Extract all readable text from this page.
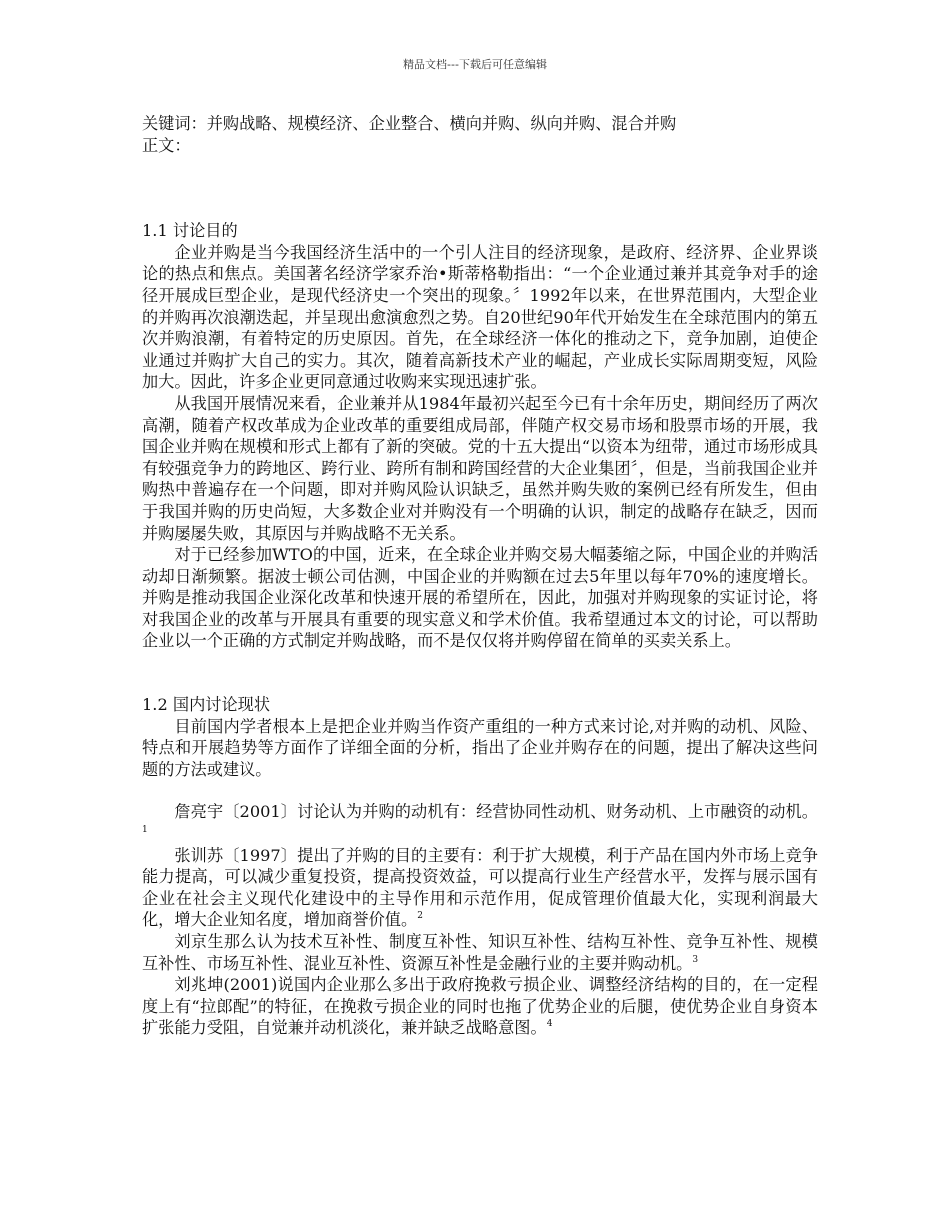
精品文档---下载后可任意编辑
关键词：并购战略、规模经济、企业整合、横向并购、纵向并购、混合并购
正文：
1.1 讨论目的

企业并购是当今我国经济生活中的一个引人注目的经济现象，是政府、经济界、企业界谈论的热点和焦点。美国著名经济学家乔治•斯蒂格勒指出：“一个企业通过兼并其竞争对手的途径开展成巨型企业，是现代经济史一个突出的现象。〞1992年以来，在世界范围内，大型企业的并购再次浪潮迭起，并呈现出愈演愈烈之势。自20世纪90年代开始发生在全球范围内的第五次并购浪潮，有着特定的历史原因。首先，在全球经济一体化的推动之下，竞争加剧，迫使企业通过并购扩大自己的实力。其次，随着高新技术产业的崛起，产业成长实际周期变短，风险加大。因此，许多企业更同意通过收购来实现迅速扩张。

从我国开展情况来看，企业兼并从1984年最初兴起至今已有十余年历史，期间经历了两次高潮，随着产权改革成为企业改革的重要组成局部，伴随产权交易市场和股票市场的开展，我国企业并购在规模和形式上都有了新的突破。党的十五大提出“以资本为纽带，通过市场形成具有较强竞争力的跨地区、跨行业、跨所有制和跨国经营的大企业集团〞，但是，当前我国企业并购热中普遍存在一个问题，即对并购风险认识缺乏，虽然并购失败的案例已经有所发生，但由于我国并购的历史尚短，大多数企业对并购没有一个明确的认识，制定的战略存在缺乏，因而并购屡屡失败，其原因与并购战略不无关系。

对于已经参加WTO的中国，近来，在全球企业并购交易大幅萎缩之际，中国企业的并购活动却日渐频繁。据波士顿公司估测，中国企业的并购额在过去5年里以每年70%的速度增长。并购是推动我国企业深化改革和快速开展的希望所在，因此，加强对并购现象的实证讨论，将对我国企业的改革与开展具有重要的现实意义和学术价值。我希望通过本文的讨论，可以帮助企业以一个正确的方式制定并购战略，而不是仅仅将并购停留在简单的买卖关系上。

1.2 国内讨论现状

目前国内学者根本上是把企业并购当作资产重组的一种方式来讨论,对并购的动机、风险、特点和开展趋势等方面作了详细全面的分析，指出了企业并购存在的问题，提出了解决这些问题的方法或建议。

詹亮宇〔2001〕讨论认为并购的动机有：经营协同性动机、财务动机、上市融资的动机。$^1$

张训苏〔1997〕提出了并购的目的主要有：利于扩大规模，利于产品在国内外市场上竞争能力提高，可以减少重复投资，提高投资效益，可以提高行业生产经营水平，发挥与展示国有企业在社会主义现代化建设中的主导作用和示范作用，促成管理价值最大化，实现利润最大化，增大企业知名度，增加商誉价值。$^2$

刘京生那么认为技术互补性、制度互补性、知识互补性、结构互补性、竞争互补性、规模互补性、市场互补性、混业互补性、资源互补性是金融行业的主要并购动机。$^3$

刘兆坤(2001)说国内企业那么多出于政府挽救亏损企业、调整经济结构的目的，在一定程度上有“拉郎配”的特征，在挽救亏损企业的同时也拖了优势企业的后腿，使优势企业自身资本扩张能力受阻，自觉兼并动机淡化，兼并缺乏战略意图。$^4$
